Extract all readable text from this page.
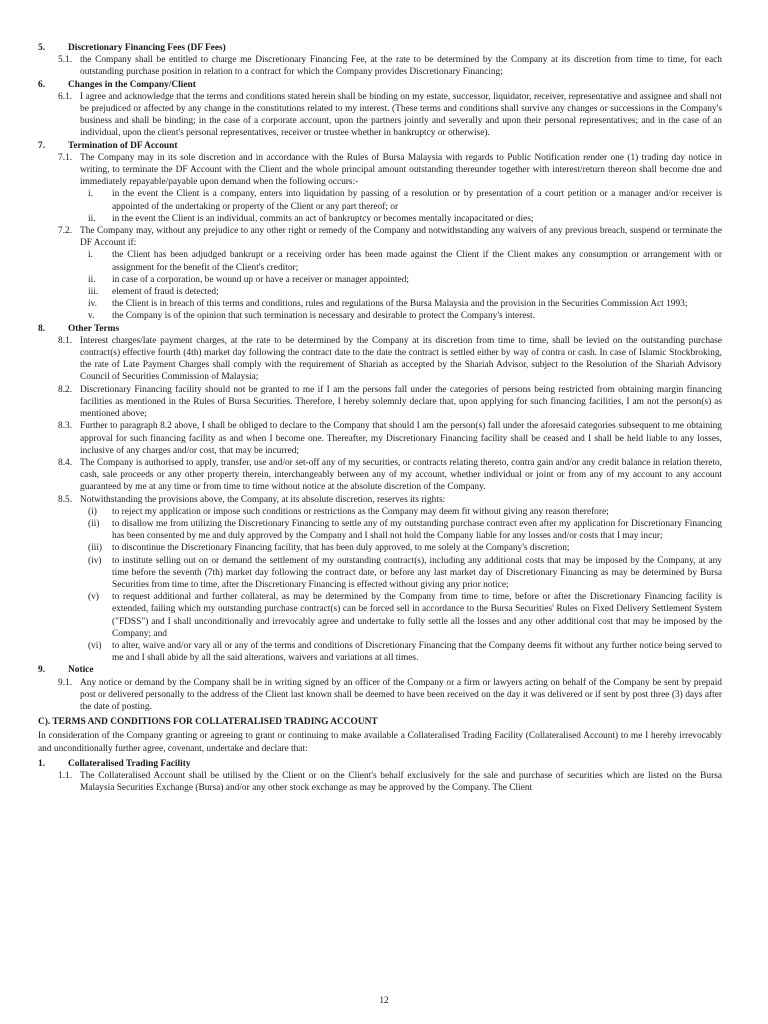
5.	Discretionary Financing Fees (DF Fees)

5.1. the Company shall be entitled to charge me Discretionary Financing Fee, at the rate to be determined by the Company at its discretion from time to time, for each outstanding purchase position in relation to a contract for which the Company provides Discretionary Financing;

6.	Changes in the Company/Client

6.1. I agree and acknowledge that the terms and conditions stated herein shall be binding on my estate, successor, liquidator, receiver, representative and assignee and shall not be prejudiced or affected by any change in the constitutions related to my interest. (These terms and conditions shall survive any changes or successions in the Company's business and shall be binding; in the case of a corporate account, upon the partners jointly and severally and upon their personal representatives; and in the case of an individual, upon the client's personal representatives, receiver or trustee whether in bankruptcy or otherwise).

7.	Termination of DF Account

7.1. The Company may in its sole discretion and in accordance with the Rules of Bursa Malaysia with regards to Public Notification render one (1) trading day notice in writing, to terminate the DF Account with the Client and the whole principal amount outstanding thereunder together with interest/return thereon shall become due and immediately repayable/payable upon demand when the following occurs:-

i.	in the event the Client is a company, enters into liquidation by passing of a resolution or by presentation of a court petition or a manager and/or receiver is appointed of the undertaking or property of the Client or any part thereof; or

ii.	in the event the Client is an individual, commits an act of bankruptcy or becomes mentally incapacitated or dies;

7.2. The Company may, without any prejudice to any other right or remedy of the Company and notwithstanding any waivers of any previous breach, suspend or terminate the DF Account if:

i.	the Client has been adjudged bankrupt or a receiving order has been made against the Client if the Client makes any consumption or arrangement with or assignment for the benefit of the Client's creditor;

ii.	in case of a corporation, be wound up or have a receiver or manager appointed;

iii.	element of fraud is detected;

iv.	the Client is in breach of this terms and conditions, rules and regulations of the Bursa Malaysia and the provision in the Securities Commission Act 1993;

v.	the Company is of the opinion that such termination is necessary and desirable to protect the Company's interest.

8.	Other Terms

8.1. Interest charges/late payment charges, at the rate to be determined by the Company at its discretion from time to time, shall be levied on the outstanding purchase contract(s) effective fourth (4th) market day following the contract date to the date the contract is settled either by way of contra or cash. In case of Islamic Stockbroking, the rate of Late Payment Charges shall comply with the requirement of Shariah as accepted by the Shariah Advisor, subject to the Resolution of the Shariah Advisory Council of Securities Commission of Malaysia;

8.2. Discretionary Financing facility should not be granted to me if I am the persons fall under the categories of persons being restricted from obtaining margin financing facilities as mentioned in the Rules of Bursa Securities. Therefore, I hereby solemnly declare that, upon applying for such financing facilities, I am not the person(s) as mentioned above;

8.3. Further to paragraph 8.2 above, I shall be obliged to declare to the Company that should I am the person(s) fall under the aforesaid categories subsequent to me obtaining approval for such financing facility as and when I become one. Thereafter, my Discretionary Financing facility shall be ceased and I shall be held liable to any losses, inclusive of any charges and/or cost, that may be incurred;

8.4. The Company is authorised to apply, transfer, use and/or set-off any of my securities, or contracts relating thereto, contra gain and/or any credit balance in relation thereto, cash, sale proceeds or any other property therein, interchangeably between any of my account, whether individual or joint or from any of my account to any account guaranteed by me at any time or from time to time without notice at the absolute discretion of the Company.

8.5. Notwithstanding the provisions above, the Company, at its absolute discretion, reserves its rights:

(i)	to reject my application or impose such conditions or restrictions as the Company may deem fit without giving any reason therefore;

(ii)	to disallow me from utilizing the Discretionary Financing to settle any of my outstanding purchase contract even after my application for Discretionary Financing has been consented by me and duly approved by the Company and I shall not hold the Company liable for any losses and/or costs that I may incur;

(iii)	to discontinue the Discretionary Financing facility, that has been duly approved, to me solely at the Company's discretion;

(iv)	to institute selling out on or demand the settlement of my outstanding contract(s), including any additional costs that may be imposed by the Company, at any time before the seventh (7th) market day following the contract date, or before any last market day of Discretionary Financing as may be determined by Bursa Securities from time to time, after the Discretionary Financing is effected without giving any prior notice;

(v)	to request additional and further collateral, as may be determined by the Company from time to time, before or after the Discretionary Financing facility is extended, failing which my outstanding purchase contract(s) can be forced sell in accordance to the Bursa Securities' Rules on Fixed Delivery Settlement System ("FDSS") and I shall unconditionally and irrevocably agree and undertake to fully settle all the losses and any other additional cost that may be imposed by the Company; and

(vi)	to alter, waive and/or vary all or any of the terms and conditions of Discretionary Financing that the Company deems fit without any further notice being served to me and I shall abide by all the said alterations, waivers and variations at all times.

9.	Notice

9.1. Any notice or demand by the Company shall be in writing signed by an officer of the Company or a firm or lawyers acting on behalf of the Company be sent by prepaid post or delivered personally to the address of the Client last known shall be deemed to have been received on the day it was delivered or if sent by post three (3) days after the date of posting.

C). TERMS AND CONDITIONS FOR COLLATERALISED TRADING ACCOUNT

In consideration of the Company granting or agreeing to grant or continuing to make available a Collateralised Trading Facility (Collateralised Account) to me I hereby irrevocably and unconditionally further agree, covenant, undertake and declare that:

1.	Collateralised Trading Facility

1.1. The Collateralised Account shall be utilised by the Client or on the Client's behalf exclusively for the sale and purchase of securities which are listed on the Bursa Malaysia Securities Exchange (Bursa) and/or any other stock exchange as may be approved by the Company. The Client

12
